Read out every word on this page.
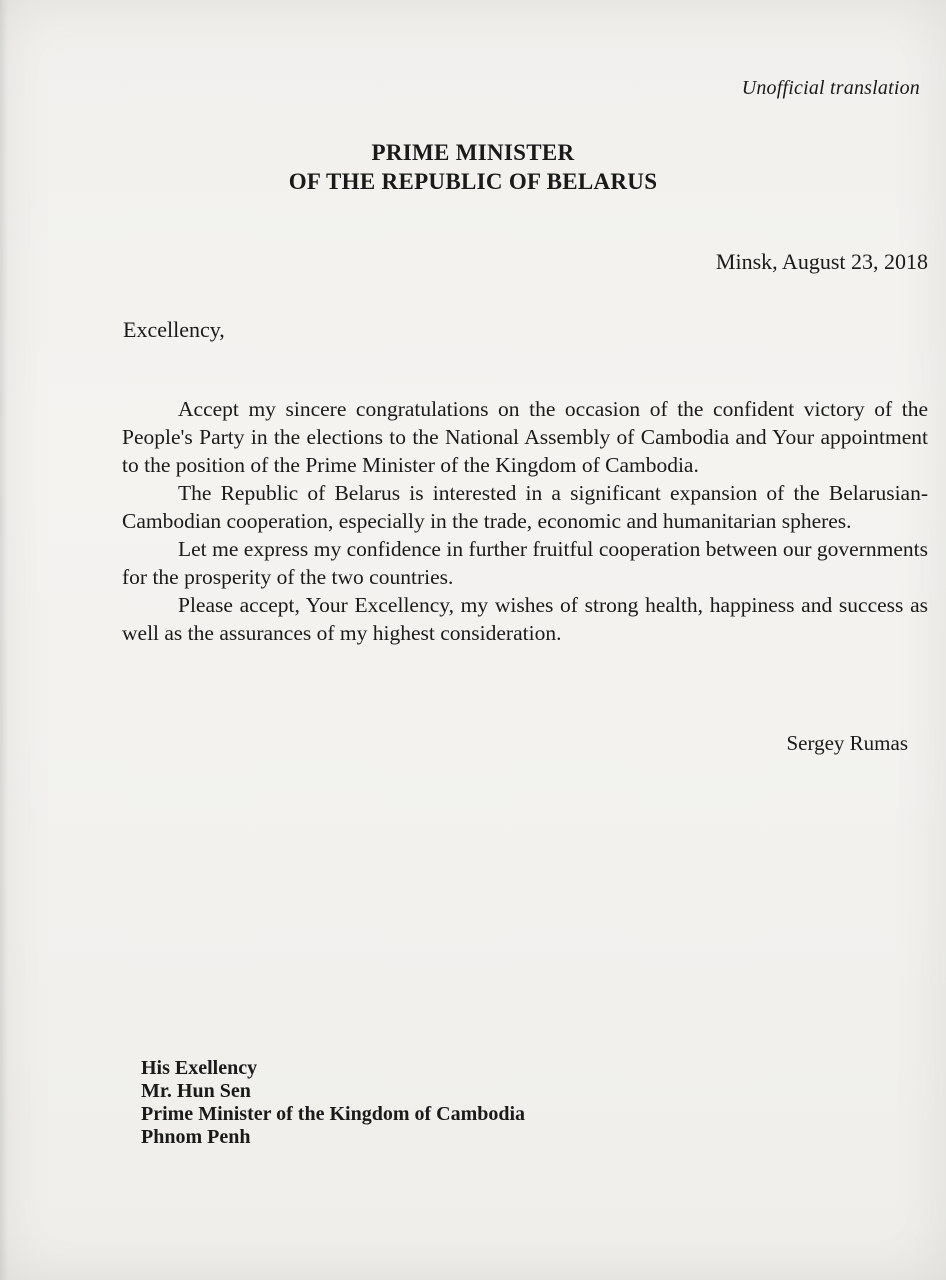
Unofficial translation
PRIME MINISTER
OF THE REPUBLIC OF BELARUS
Minsk, August 23, 2018
Excellency,

Accept my sincere congratulations on the occasion of the confident victory of the People's Party in the elections to the National Assembly of Cambodia and Your appointment to the position of the Prime Minister of the Kingdom of Cambodia.

The Republic of Belarus is interested in a significant expansion of the Belarusian-Cambodian cooperation, especially in the trade, economic and humanitarian spheres.

Let me express my confidence in further fruitful cooperation between our governments for the prosperity of the two countries.

Please accept, Your Excellency, my wishes of strong health, happiness and success as well as the assurances of my highest consideration.

Sergey Rumas
His Exellency
Mr. Hun Sen
Prime Minister of the Kingdom of Cambodia
Phnom Penh
